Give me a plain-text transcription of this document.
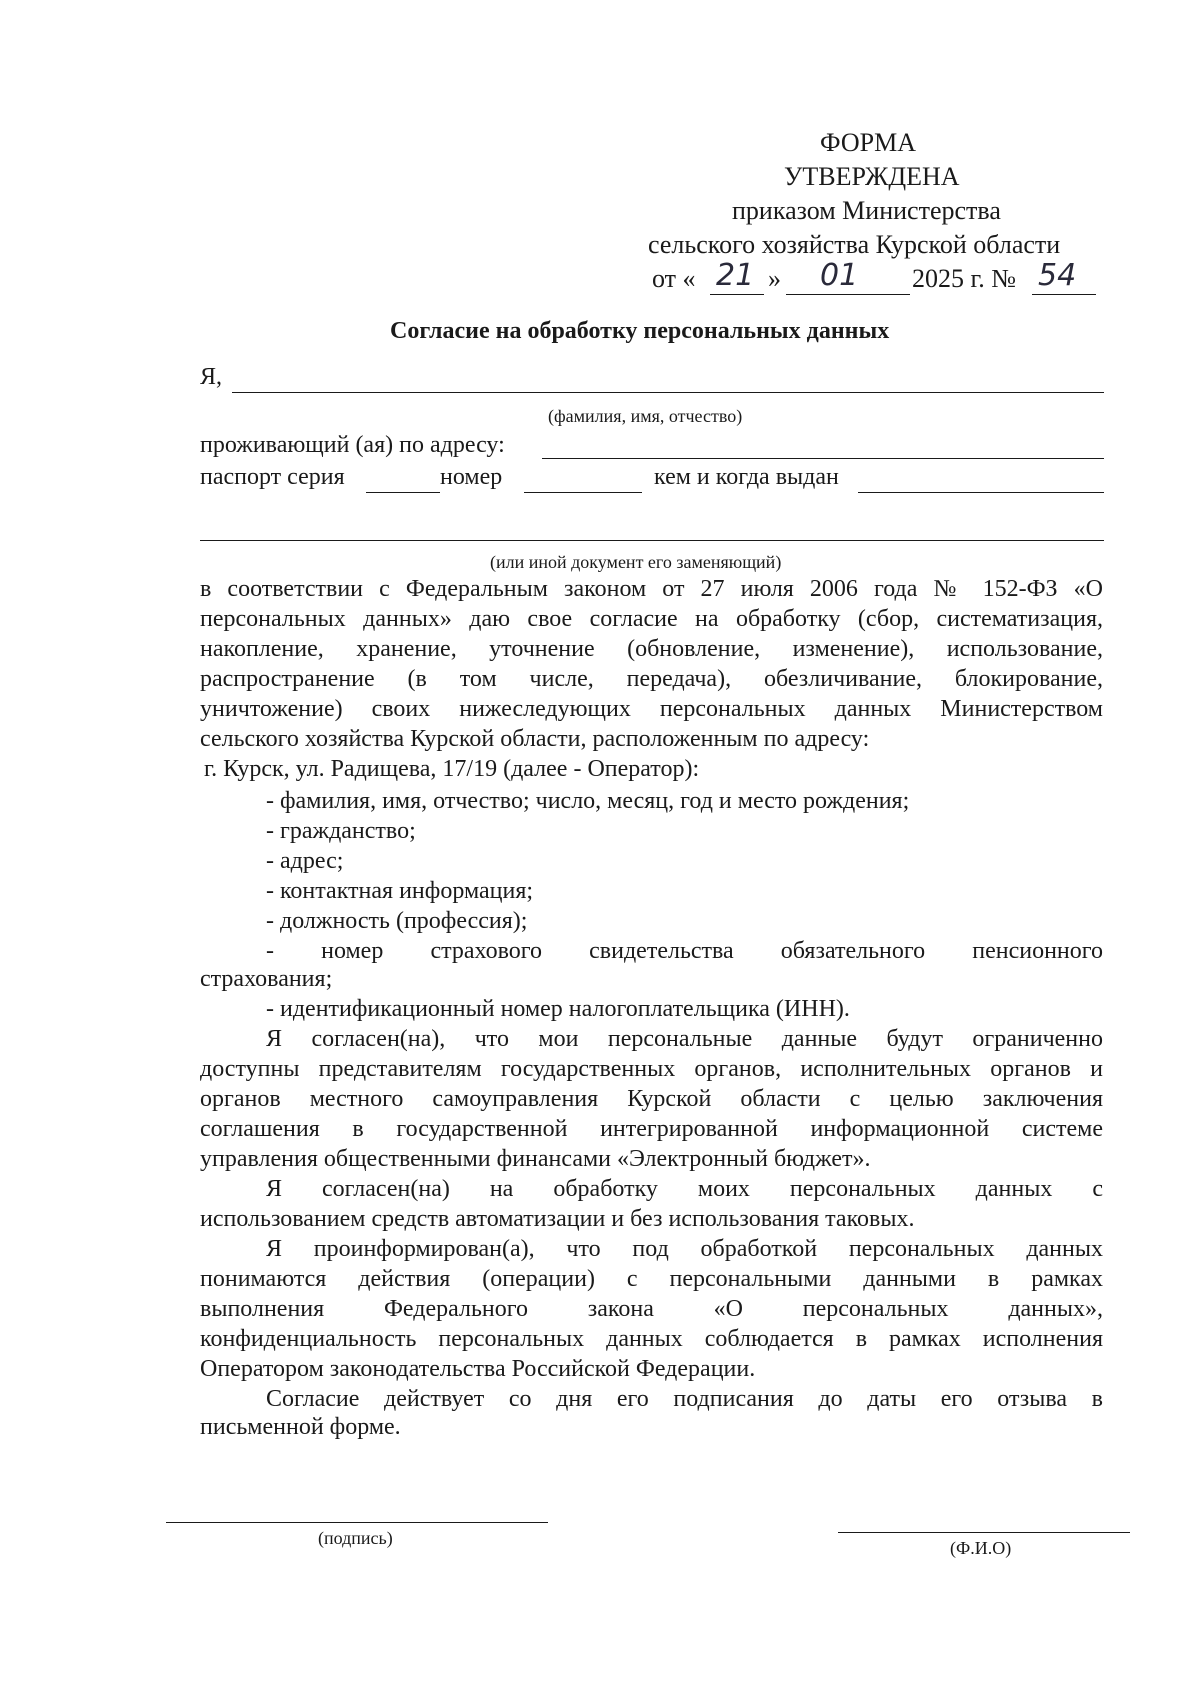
ФОРМА
УТВЕРЖДЕНА
приказом Министерства
сельского хозяйства Курской области
от « 21 » 01 2025 г. № 54
Согласие на обработку персональных данных
Я,
(фамилия, имя, отчество)
проживающий (ая) по адресу:
паспорт серия	номер	кем и когда выдан
(или иной документ его заменяющий)
в соответствии с Федеральным законом от 27 июля 2006 года № 152-ФЗ «О
персональных данных» даю свое согласие на обработку (сбор, систематизация,
накопление, хранение, уточнение (обновление, изменение), использование,
распространение (в том числе, передача), обезличивание, блокирование,
уничтожение) своих нижеследующих персональных данных Министерством
сельского хозяйства Курской области, расположенным по адресу:
г. Курск, ул. Радищева, 17/19 (далее - Оператор):
- фамилия, имя, отчество; число, месяц, год и место рождения;
- гражданство;
- адрес;
- контактная информация;
- должность (профессия);
- номер страхового свидетельства обязательного пенсионного
страхования;
- идентификационный номер налогоплательщика (ИНН).
Я согласен(на), что мои персональные данные будут ограниченно
доступны представителям государственных органов, исполнительных органов и
органов местного самоуправления Курской области с целью заключения
соглашения в государственной интегрированной информационной системе
управления общественными финансами «Электронный бюджет».
Я согласен(на) на обработку моих персональных данных с
использованием средств автоматизации и без использования таковых.
Я проинформирован(а), что под обработкой персональных данных
понимаются действия (операции) с персональными данными в рамках
выполнения Федерального закона «О персональных данных»,
конфиденциальность персональных данных соблюдается в рамках исполнения
Оператором законодательства Российской Федерации.
Согласие действует со дня его подписания до даты его отзыва в
письменной форме.
(подпись)	(Ф.И.О)
